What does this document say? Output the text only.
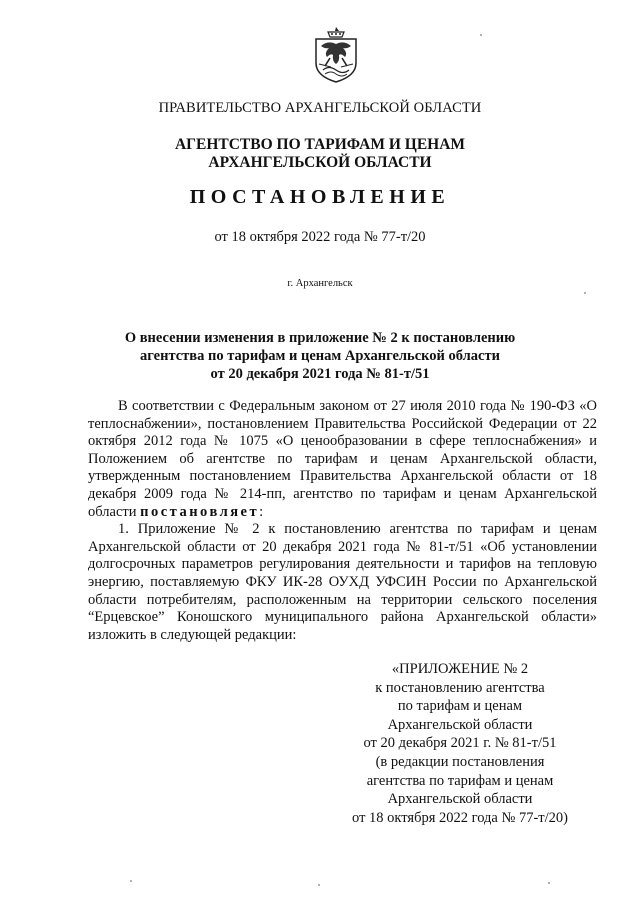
ПРАВИТЕЛЬСТВО АРХАНГЕЛЬСКОЙ ОБЛАСТИ
АГЕНТСТВО ПО ТАРИФАМ И ЦЕНАМ
АРХАНГЕЛЬСКОЙ ОБЛАСТИ
ПОСТАНОВЛЕНИЕ
от 18 октября 2022 года № 77-т/20
г. Архангельск
О внесении изменения в приложение № 2 к постановлению
агентства по тарифам и ценам Архангельской области
от 20 декабря 2021 года № 81-т/51

В соответствии с Федеральным законом от 27 июля 2010 года № 190-ФЗ «О теплоснабжении», постановлением Правительства Российской Федерации от 22 октября 2012 года № 1075 «О ценообразовании в сфере теплоснабжения» и Положением об агентстве по тарифам и ценам Архангельской области, утвержденным постановлением Правительства Архангельской области от 18 декабря 2009 года № 214-пп, агентство по тарифам и ценам Архангельской области постановляет:

1. Приложение № 2 к постановлению агентства по тарифам и ценам Архангельской области от 20 декабря 2021 года № 81-т/51 «Об установлении долгосрочных параметров регулирования деятельности и тарифов на тепловую энергию, поставляемую ФКУ ИК-28 ОУХД УФСИН России по Архангельской области потребителям, расположенным на территории сельского поселения “Ерцевское” Коношского муниципального района Архангельской области» изложить в следующей редакции:

«ПРИЛОЖЕНИЕ № 2
к постановлению агентства
по тарифам и ценам
Архангельской области
от 20 декабря 2021 г. № 81-т/51
(в редакции постановления
агентства по тарифам и ценам
Архангельской области
от 18 октября 2022 года № 77-т/20)
